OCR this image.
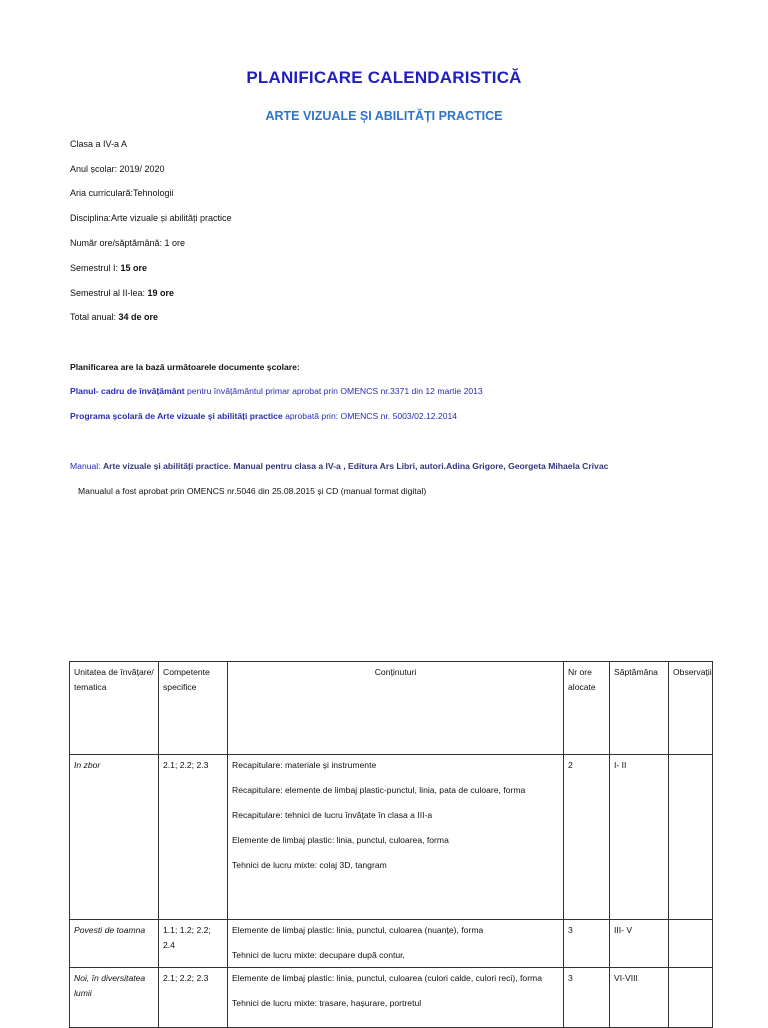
PLANIFICARE CALENDARISTICĂ
ARTE VIZUALE ȘI ABILITĂȚI PRACTICE
Clasa a IV-a A
Anul școlar: 2019/ 2020
Aria curriculară:Tehnologii
Disciplina:Arte vizuale și abilități practice
Număr ore/săptămână: 1 ore
Semestrul I: 15 ore
Semestrul al II-lea: 19 ore
Total anual: 34 de ore
Planificarea are la bază următoarele documente școlare:
Planul- cadru de învățământ pentru învățământul primar aprobat prin OMENCS nr.3371 din 12 martie 2013
Programa școlară de Arte vizuale și abilități practice aprobată prin: OMENCS nr. 5003/02.12.2014
Manual: Arte vizuale și abilități practice. Manual pentru clasa a IV-a , Editura Ars Libri, autori.Adina Grigore, Georgeta Mihaela Crivac
Manualul a fost aprobat prin OMENCS nr.5046 din 25.08.2015 și CD (manual format digital)
Unitatea de învățare/ tematica	Competente specifice	Conținuturi	Nr ore alocate	Săptămâna	Observații
In zbor	2.1; 2.2; 2.3	Recapitulare: materiale și instrumente

Recapitulare: elemente de limbaj plastic-punctul, linia, pata de culoare, forma

Recapitulare: tehnici de lucru învățate în clasa a III-a

Elemente de limbaj plastic: linia, punctul, culoarea, forma

Tehnici de lucru mixte: colaj 3D, tangram	2	I- II	
Povesti de toamna	1.1; 1.2; 2.2; 2.4	Elemente de limbaj plastic: linia, punctul, culoarea (nuanțe), forma

Tehnici de lucru mixte: decupare după contur,	3	III- V	
Noi, în diversitatea lumii	2.1; 2.2; 2.3	Elemente de limbaj plastic: linia, punctul, culoarea (culori calde, culori reci), forma

Tehnici de lucru mixte: trasare, hașurare, portretul	3	VI-VIII	
